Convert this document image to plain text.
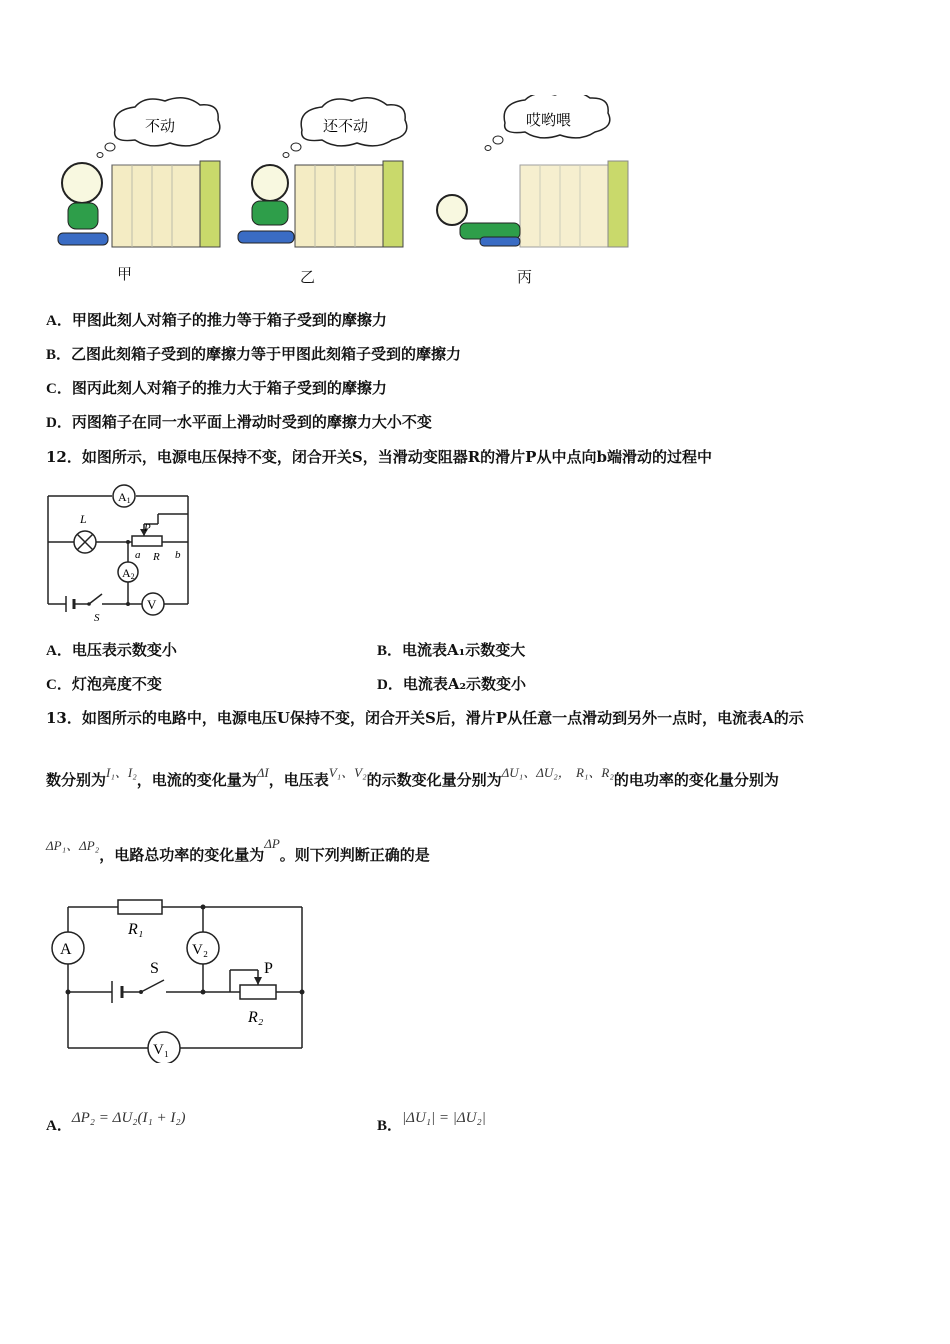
不动	还不动	哎哟喂
甲	乙	丙
A．甲图此刻人对箱子的推力等于箱子受到的摩擦力
B．乙图此刻箱子受到的摩擦力等于甲图此刻箱子受到的摩擦力
C．图丙此刻人对箱子的推力大于箱子受到的摩擦力
D．丙图箱子在同一水平面上滑动时受到的摩擦力大小不变
12．如图所示，电源电压保持不变，闭合开关S，当滑动变阻器R的滑片P从中点向b端滑动的过程中
A1
A2
V
L
P
a R b
S
A．电压表示数变小	B．电流表A₁示数变大
C．灯泡亮度不变	D．电流表A₂示数变小
13．如图所示的电路中，电源电压U保持不变，闭合开关S后，滑片P从任意一点滑动到另外一点时，电流表A的示
数分别为I₁、I₂，电流的变化量为ΔI，电压表V₁、V₂的示数变化量分别为ΔU₁、ΔU₂， R₁、R₂的电功率的变化量分别为
ΔP₁、ΔP₂，电路总功率的变化量为ΔP。则下列判断正确的是
A
R₁
V₂
S	P
R₂
V₁
A．ΔP₂ = ΔU₂(I₁ + I₂)	B．|ΔU₁| = |ΔU₂|
